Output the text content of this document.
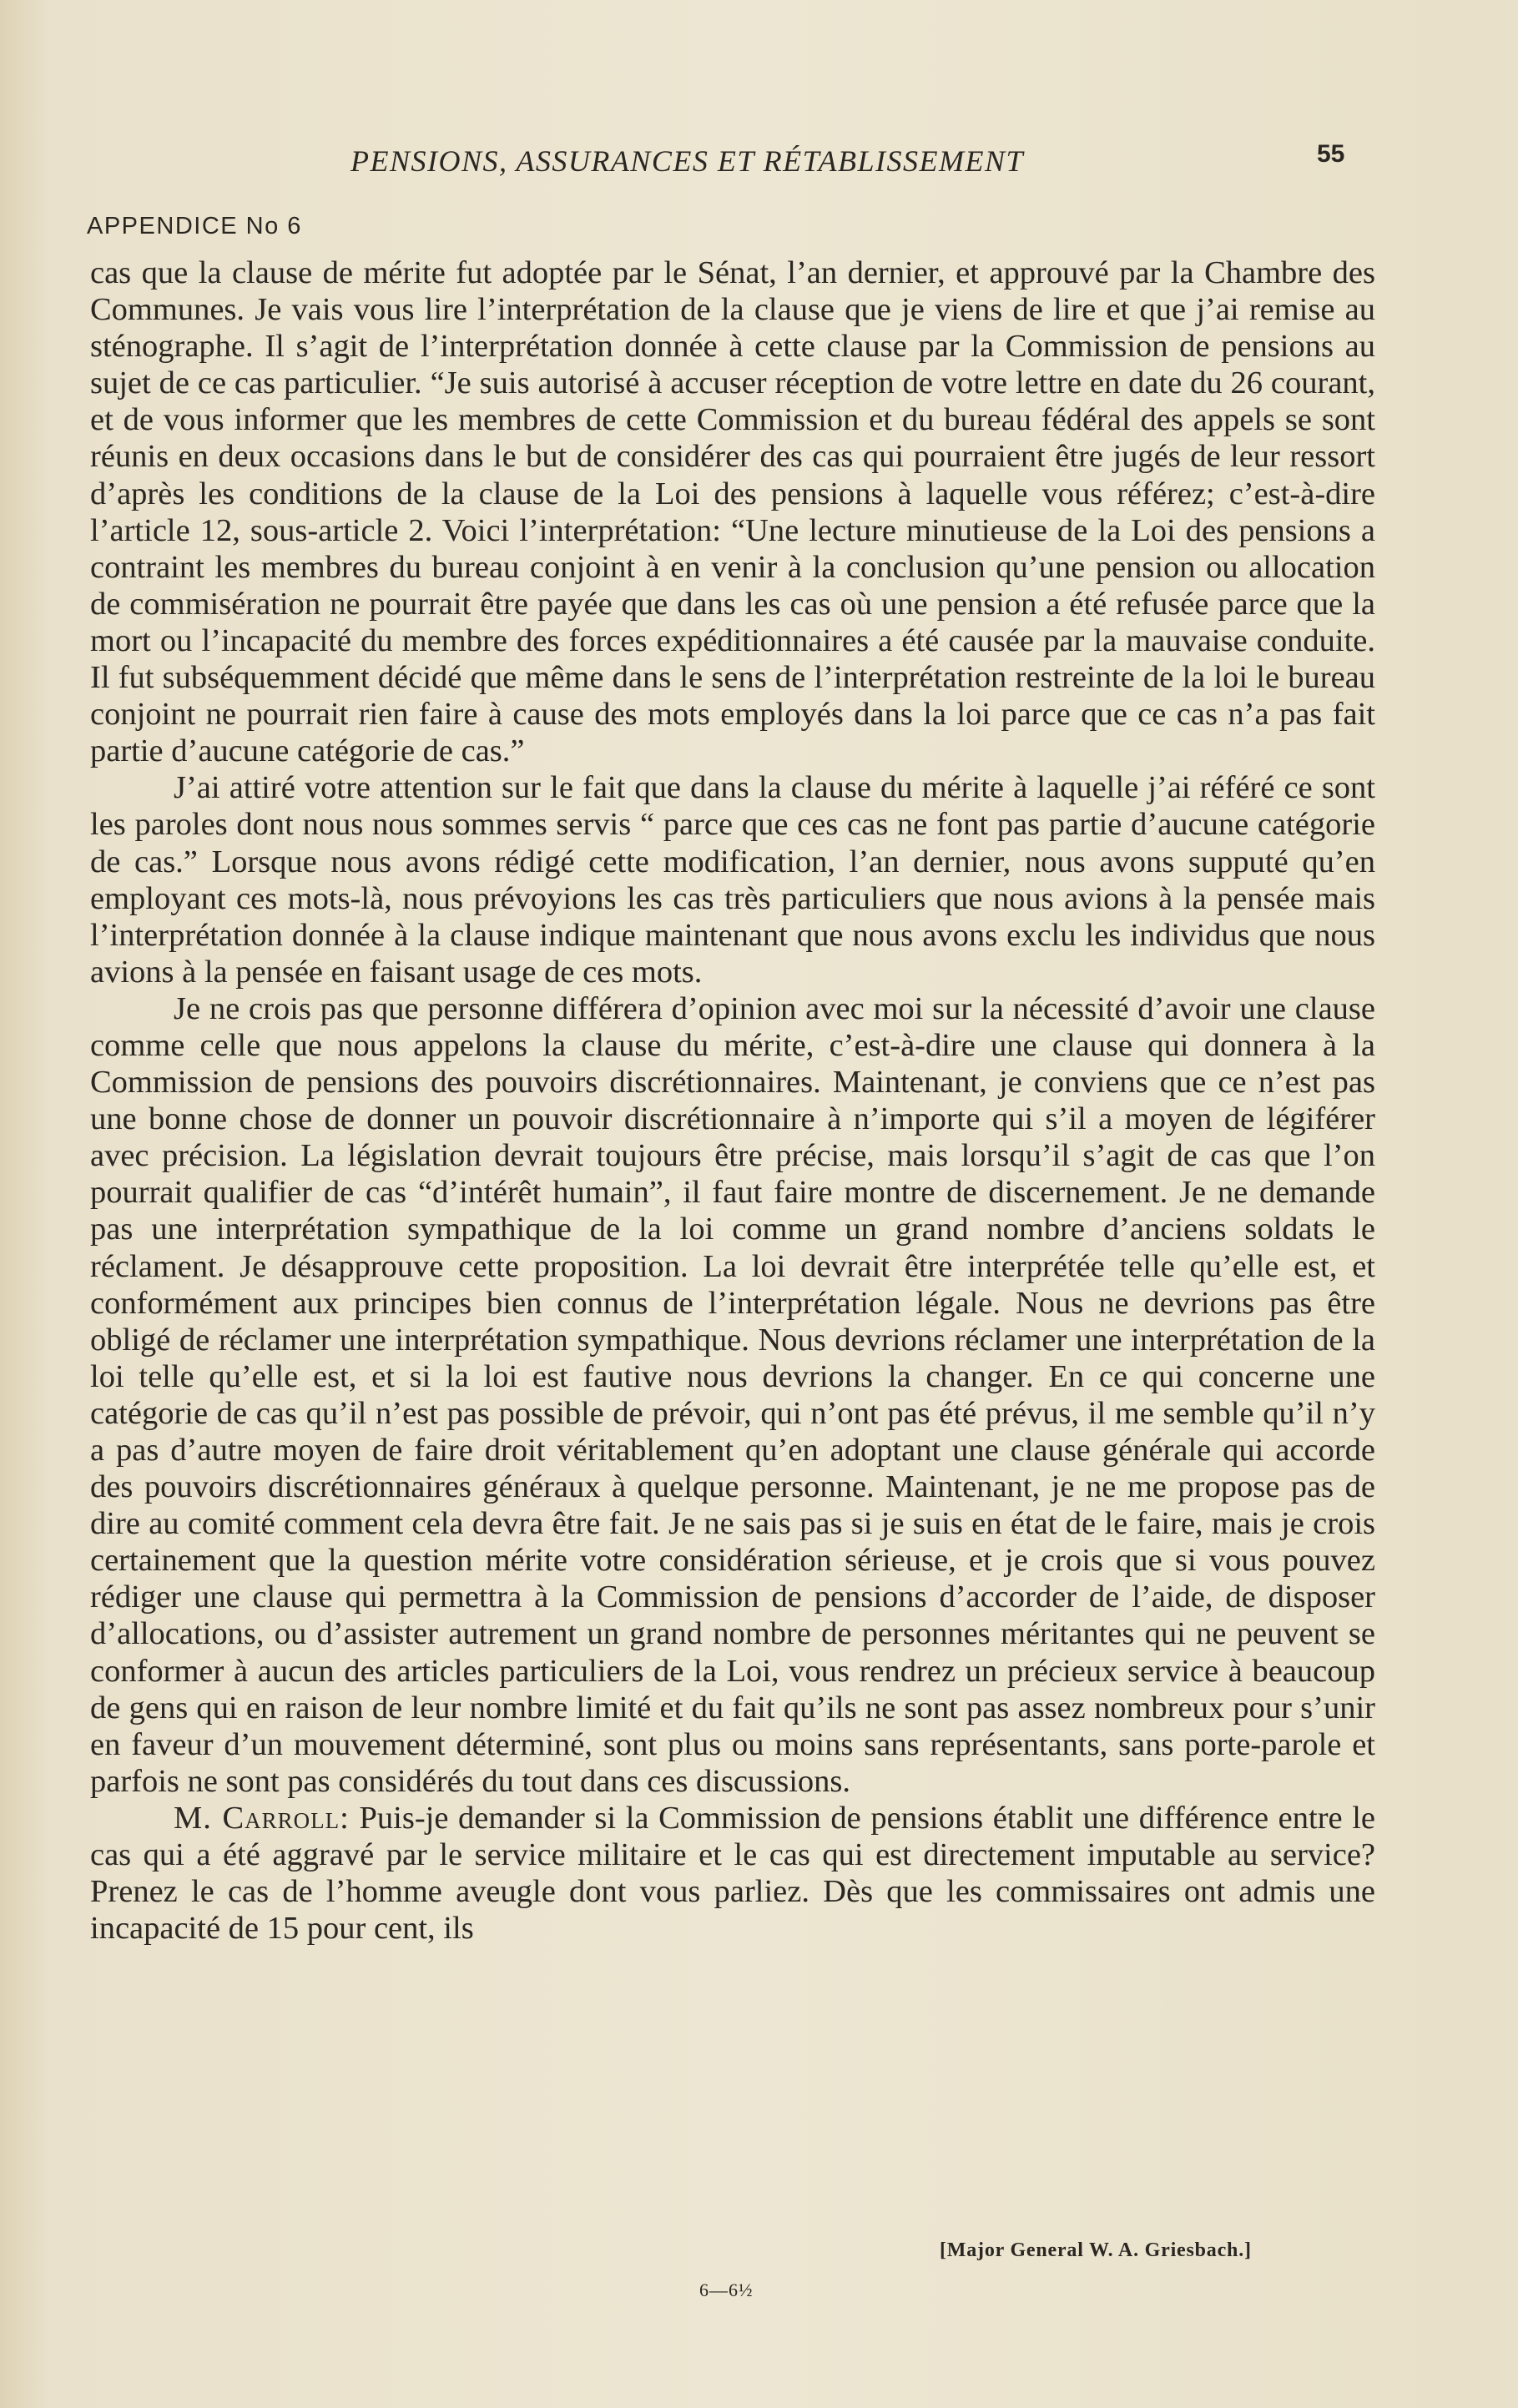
PENSIONS, ASSURANCES ET RÉTABLISSEMENT	55
APPENDICE No 6

cas que la clause de mérite fut adoptée par le Sénat, l’an dernier, et approuvé par la Chambre des Communes. Je vais vous lire l’interprétation de la clause que je viens de lire et que j’ai remise au sténographe. Il s’agit de l’interprétation donnée à cette clause par la Commission de pensions au sujet de ce cas particulier. “Je suis autorisé à accuser réception de votre lettre en date du 26 courant, et de vous informer que les membres de cette Commission et du bureau fédéral des appels se sont réunis en deux occasions dans le but de considérer des cas qui pourraient être jugés de leur ressort d’après les conditions de la clause de la Loi des pensions à laquelle vous référez; c’est-à-dire l’article 12, sous-article 2. Voici l’interprétation: “Une lecture minutieuse de la Loi des pensions a contraint les membres du bureau conjoint à en venir à la conclusion qu’une pension ou allocation de commisération ne pourrait être payée que dans les cas où une pension a été refusée parce que la mort ou l’incapacité du membre des forces expéditionnaires a été causée par la mauvaise conduite. Il fut subséquemment décidé que même dans le sens de l’interprétation restreinte de la loi le bureau conjoint ne pourrait rien faire à cause des mots employés dans la loi parce que ce cas n’a pas fait partie d’aucune catégorie de cas.”

J’ai attiré votre attention sur le fait que dans la clause du mérite à laquelle j’ai référé ce sont les paroles dont nous nous sommes servis “ parce que ces cas ne font pas partie d’aucune catégorie de cas.” Lorsque nous avons rédigé cette modification, l’an dernier, nous avons supputé qu’en employant ces mots-là, nous prévoyions les cas très particuliers que nous avions à la pensée mais l’interprétation donnée à la clause indique maintenant que nous avons exclu les individus que nous avions à la pensée en faisant usage de ces mots.

Je ne crois pas que personne différera d’opinion avec moi sur la nécessité d’avoir une clause comme celle que nous appelons la clause du mérite, c’est-à-dire une clause qui donnera à la Commission de pensions des pouvoirs discrétionnaires. Maintenant, je conviens que ce n’est pas une bonne chose de donner un pouvoir discrétionnaire à n’importe qui s’il a moyen de légiférer avec précision. La législation devrait toujours être précise, mais lorsqu’il s’agit de cas que l’on pourrait qualifier de cas “d’intérêt humain”, il faut faire montre de discernement. Je ne demande pas une interprétation sympathique de la loi comme un grand nombre d’anciens soldats le réclament. Je désapprouve cette proposition. La loi devrait être interprétée telle qu’elle est, et conformément aux principes bien connus de l’interprétation légale. Nous ne devrions pas être obligé de réclamer une interprétation sympathique. Nous devrions réclamer une interprétation de la loi telle qu’elle est, et si la loi est fautive nous devrions la changer. En ce qui concerne une catégorie de cas qu’il n’est pas possible de prévoir, qui n’ont pas été prévus, il me semble qu’il n’y a pas d’autre moyen de faire droit véritablement qu’en adoptant une clause générale qui accorde des pouvoirs discrétionnaires généraux à quelque personne. Maintenant, je ne me propose pas de dire au comité comment cela devra être fait. Je ne sais pas si je suis en état de le faire, mais je crois certainement que la question mérite votre considération sérieuse, et je crois que si vous pouvez rédiger une clause qui permettra à la Commission de pensions d’accorder de l’aide, de disposer d’allocations, ou d’assister autrement un grand nombre de personnes méritantes qui ne peuvent se conformer à aucun des articles particuliers de la Loi, vous rendrez un précieux service à beaucoup de gens qui en raison de leur nombre limité et du fait qu’ils ne sont pas assez nombreux pour s’unir en faveur d’un mouvement déterminé, sont plus ou moins sans représentants, sans porte-parole et parfois ne sont pas considérés du tout dans ces discussions.

M. Carroll: Puis-je demander si la Commission de pensions établit une différence entre le cas qui a été aggravé par le service militaire et le cas qui est directement imputable au service? Prenez le cas de l’homme aveugle dont vous parliez. Dès que les commissaires ont admis une incapacité de 15 pour cent, ils

[Major General W. A. Griesbach.]
6—6½
